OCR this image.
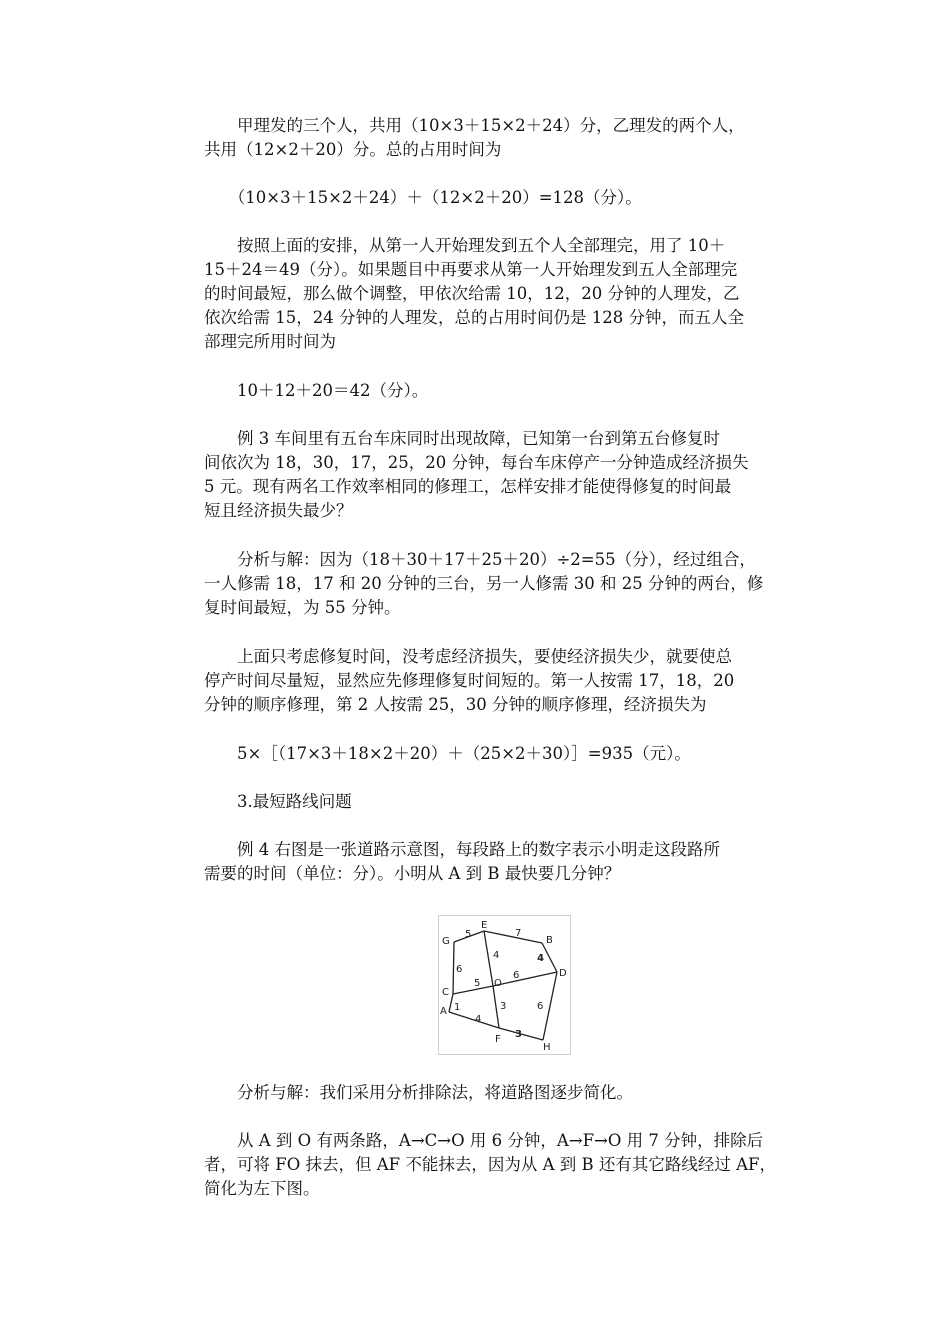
　　甲理发的三个人，共用（10×3＋15×2＋24）分，乙理发的两个人，
共用（12×2＋20）分。总的占用时间为

　　（10×3＋15×2＋24）＋（12×2＋20）=128（分）。

　　按照上面的安排，从第一人开始理发到五个人全部理完，用了 10＋
15＋24＝49（分）。如果题目中再要求从第一人开始理发到五人全部理完
的时间最短，那么做个调整，甲依次给需 10，12，20 分钟的人理发，乙
依次给需 15，24 分钟的人理发，总的占用时间仍是 128 分钟，而五人全
部理完所用时间为

　　10＋12＋20＝42（分）。

　　例 3 车间里有五台车床同时出现故障，已知第一台到第五台修复时
间依次为 18，30，17，25，20 分钟，每台车床停产一分钟造成经济损失
5 元。现有两名工作效率相同的修理工，怎样安排才能使得修复的时间最
短且经济损失最少？

　　分析与解：因为（18＋30＋17＋25＋20）÷2=55（分），经过组合，
一人修需 18，17 和 20 分钟的三台，另一人修需 30 和 25 分钟的两台，修
复时间最短，为 55 分钟。

　　上面只考虑修复时间，没考虑经济损失，要使经济损失少，就要使总
停产时间尽量短，显然应先修理修复时间短的。第一人按需 17，18，20
分钟的顺序修理，第 2 人按需 25，30 分钟的顺序修理，经济损失为

　　5×［（17×3＋18×2＋20）＋（25×2＋30）］=935（元）。

　　3.最短路线问题

　　例 4 右图是一张道路示意图，每段路上的数字表示小明走这段路所
需要的时间（单位：分）。小明从 A 到 B 最快要几分钟？

G
E
B
D
C
A
O
F
H
5	7
6
4	4
5
6
1
4
3	6
3

　　分析与解：我们采用分析排除法，将道路图逐步简化。

　　从 A 到 O 有两条路，A→C→O 用 6 分钟，A→F→O 用 7 分钟，排除后
者，可将 FO 抹去，但 AF 不能抹去，因为从 A 到 B 还有其它路线经过 AF，
简化为左下图。
